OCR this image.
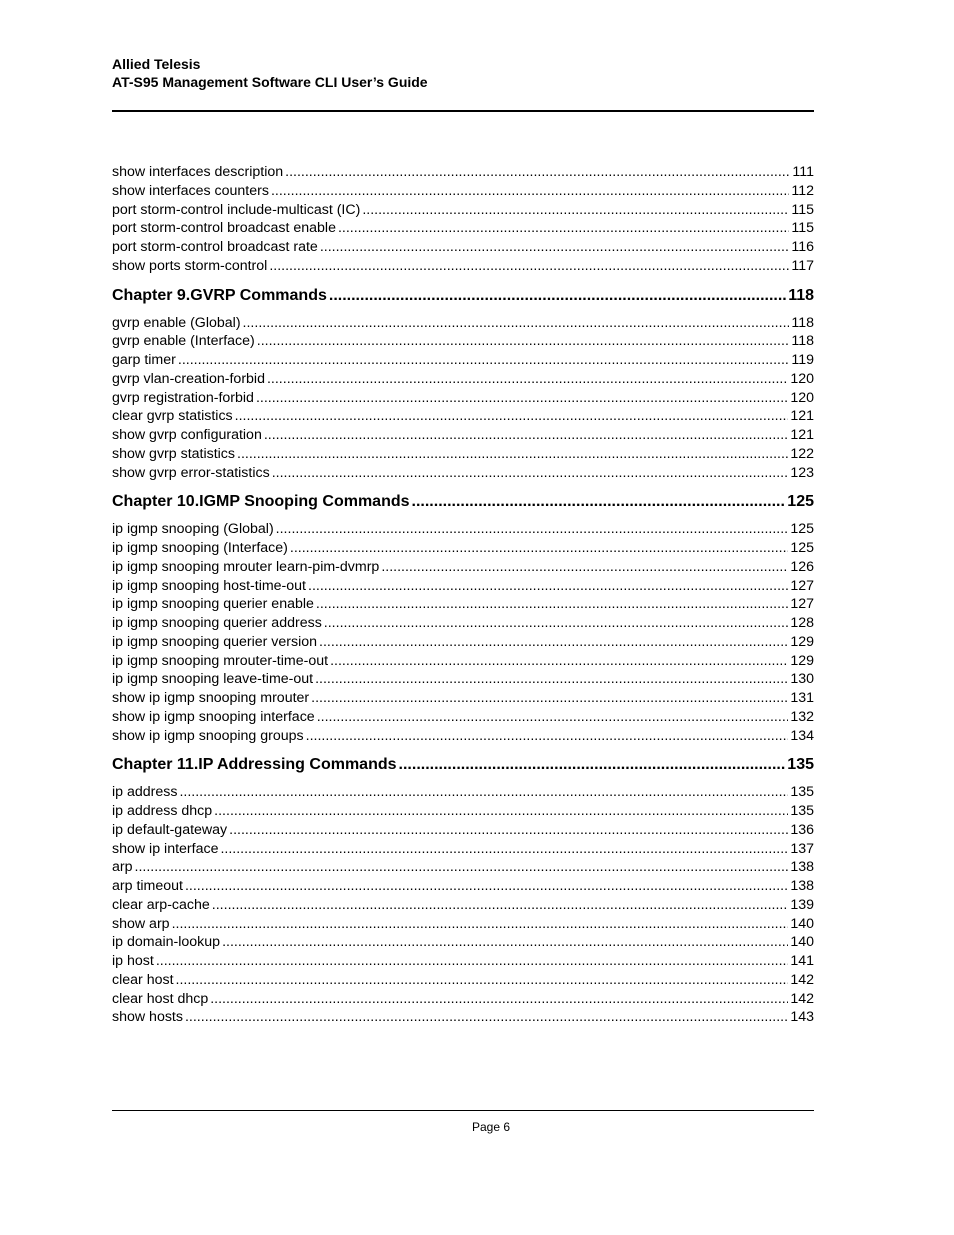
Allied Telesis
AT-S95 Management Software CLI User’s Guide
show interfaces description .....	111
show interfaces counters .....	112
port storm-control include-multicast (IC) .....	115
port storm-control broadcast enable .....	115
port storm-control broadcast rate .....	116
show ports storm-control .....	117
Chapter 9.GVRP Commands .....	118
gvrp enable (Global) .....	118
gvrp enable (Interface) .....	118
garp timer .....	119
gvrp vlan-creation-forbid .....	120
gvrp registration-forbid .....	120
clear gvrp statistics .....	121
show gvrp configuration .....	121
show gvrp statistics .....	122
show gvrp error-statistics .....	123
Chapter 10.IGMP Snooping Commands .....	125
ip igmp snooping (Global) .....	125
ip igmp snooping (Interface) .....	125
ip igmp snooping mrouter learn-pim-dvmrp .....	126
ip igmp snooping host-time-out .....	127
ip igmp snooping querier enable .....	127
ip igmp snooping querier address .....	128
ip igmp snooping querier version .....	129
ip igmp snooping mrouter-time-out .....	129
ip igmp snooping leave-time-out .....	130
show ip igmp snooping mrouter .....	131
show ip igmp snooping interface .....	132
show ip igmp snooping groups .....	134
Chapter 11.IP Addressing Commands .....	135
ip address .....	135
ip address dhcp .....	135
ip default-gateway .....	136
show ip interface .....	137
arp .....	138
arp timeout .....	138
clear arp-cache .....	139
show arp .....	140
ip domain-lookup .....	140
ip host .....	141
clear host .....	142
clear host dhcp .....	142
show hosts .....	143
Page 6
